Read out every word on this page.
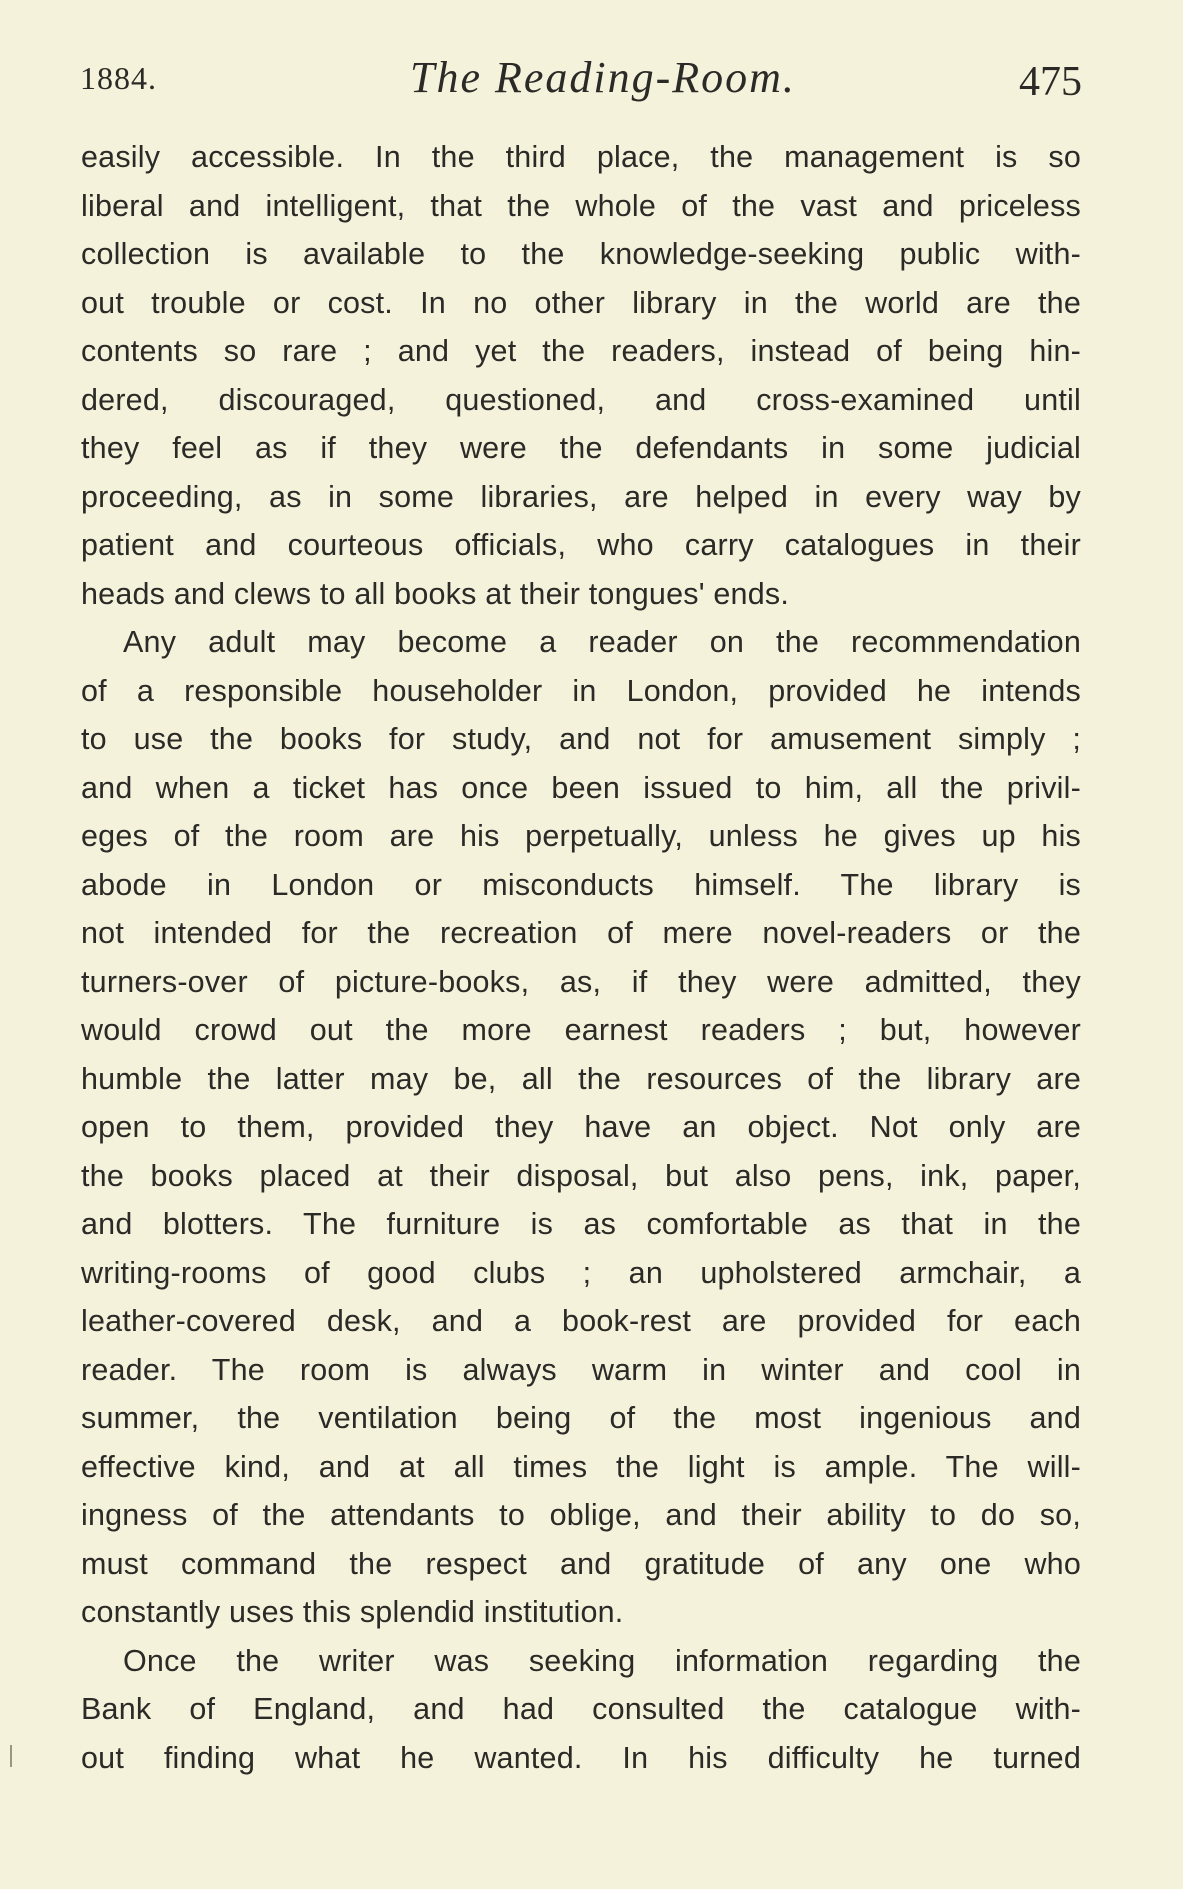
1884.	The Reading-Room.	475
easily accessible. In the third place, the management is so
liberal and intelligent, that the whole of the vast and priceless
collection is available to the knowledge-seeking public with-
out trouble or cost. In no other library in the world are the
contents so rare ; and yet the readers, instead of being hin-
dered, discouraged, questioned, and cross-examined until
they feel as if they were the defendants in some judicial
proceeding, as in some libraries, are helped in every way by
patient and courteous officials, who carry catalogues in their
heads and clews to all books at their tongues' ends.
Any adult may become a reader on the recommendation
of a responsible householder in London, provided he intends
to use the books for study, and not for amusement simply ;
and when a ticket has once been issued to him, all the privil-
eges of the room are his perpetually, unless he gives up his
abode in London or misconducts himself. The library is
not intended for the recreation of mere novel-readers or the
turners-over of picture-books, as, if they were admitted, they
would crowd out the more earnest readers ; but, however
humble the latter may be, all the resources of the library are
open to them, provided they have an object. Not only are
the books placed at their disposal, but also pens, ink, paper,
and blotters. The furniture is as comfortable as that in the
writing-rooms of good clubs ; an upholstered armchair, a
leather-covered desk, and a book-rest are provided for each
reader. The room is always warm in winter and cool in
summer, the ventilation being of the most ingenious and
effective kind, and at all times the light is ample. The will-
ingness of the attendants to oblige, and their ability to do so,
must command the respect and gratitude of any one who
constantly uses this splendid institution.
Once the writer was seeking information regarding the
Bank of England, and had consulted the catalogue with-
out finding what he wanted. In his difficulty he turned
